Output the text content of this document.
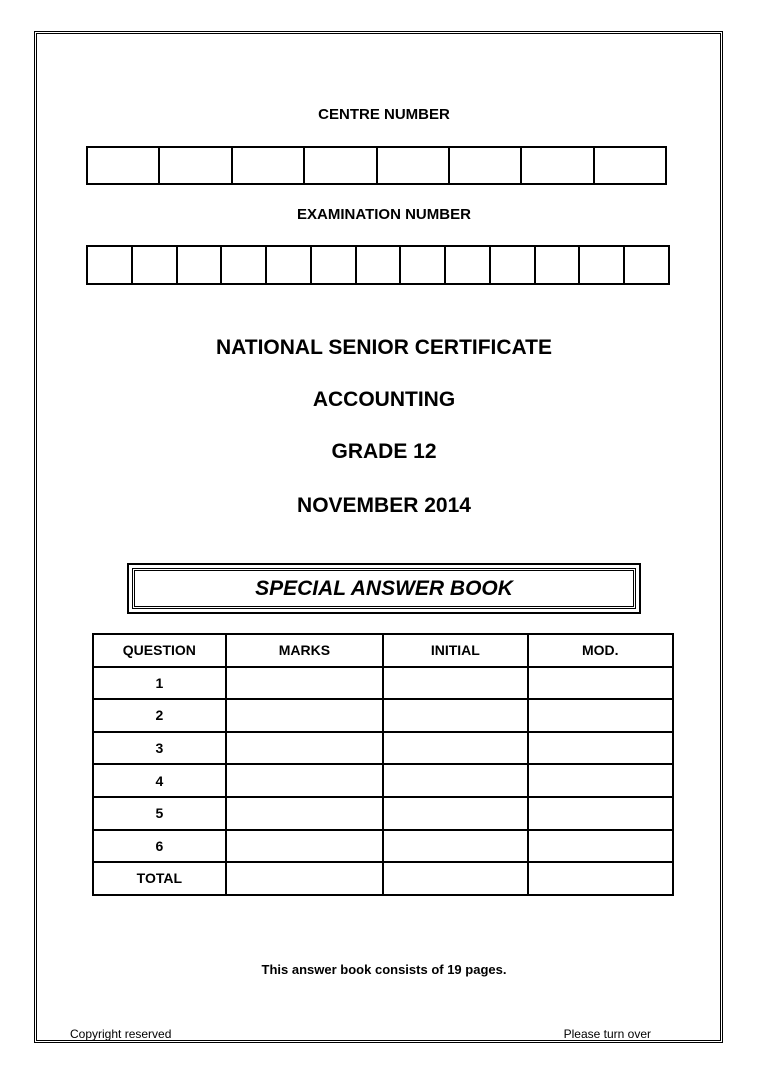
CENTRE NUMBER
EXAMINATION NUMBER
NATIONAL SENIOR CERTIFICATE
ACCOUNTING
GRADE 12
NOVEMBER 2014
SPECIAL ANSWER BOOK
QUESTION	MARKS	INITIAL	MOD.
1			
2			
3			
4			
5			
6			
TOTAL			
This answer book consists of 19 pages.
Copyright reserved	Please turn over
